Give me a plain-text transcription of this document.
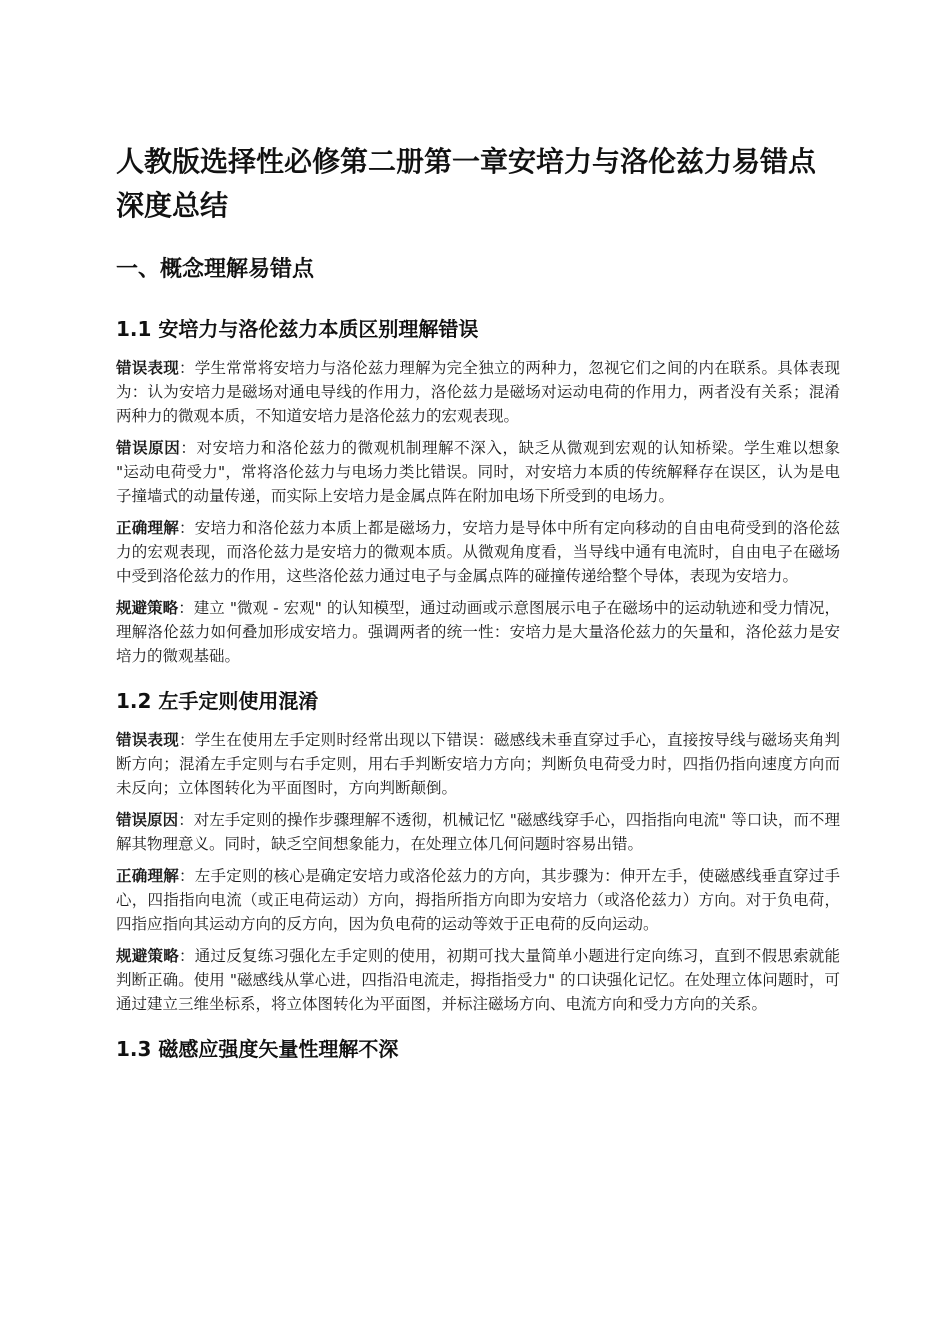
人教版选择性必修第二册第一章安培力与洛伦兹力易错点深度总结
一、概念理解易错点
1.1 安培力与洛伦兹力本质区别理解错误

错误表现：学生常常将安培力与洛伦兹力理解为完全独立的两种力，忽视它们之间的内在联系。具体表现为：认为安培力是磁场对通电导线的作用力，洛伦兹力是磁场对运动电荷的作用力，两者没有关系；混淆两种力的微观本质，不知道安培力是洛伦兹力的宏观表现。

错误原因：对安培力和洛伦兹力的微观机制理解不深入，缺乏从微观到宏观的认知桥梁。学生难以想象 "运动电荷受力"，常将洛伦兹力与电场力类比错误。同时，对安培力本质的传统解释存在误区，认为是电子撞墙式的动量传递，而实际上安培力是金属点阵在附加电场下所受到的电场力。

正确理解：安培力和洛伦兹力本质上都是磁场力，安培力是导体中所有定向移动的自由电荷受到的洛伦兹力的宏观表现，而洛伦兹力是安培力的微观本质。从微观角度看，当导线中通有电流时，自由电子在磁场中受到洛伦兹力的作用，这些洛伦兹力通过电子与金属点阵的碰撞传递给整个导体，表现为安培力。

规避策略：建立 "微观 - 宏观" 的认知模型，通过动画或示意图展示电子在磁场中的运动轨迹和受力情况，理解洛伦兹力如何叠加形成安培力。强调两者的统一性：安培力是大量洛伦兹力的矢量和，洛伦兹力是安培力的微观基础。

1.2 左手定则使用混淆

错误表现：学生在使用左手定则时经常出现以下错误：磁感线未垂直穿过手心，直接按导线与磁场夹角判断方向；混淆左手定则与右手定则，用右手判断安培力方向；判断负电荷受力时，四指仍指向速度方向而未反向；立体图转化为平面图时，方向判断颠倒。

错误原因：对左手定则的操作步骤理解不透彻，机械记忆 "磁感线穿手心，四指指向电流" 等口诀，而不理解其物理意义。同时，缺乏空间想象能力，在处理立体几何问题时容易出错。

正确理解：左手定则的核心是确定安培力或洛伦兹力的方向，其步骤为：伸开左手，使磁感线垂直穿过手心，四指指向电流（或正电荷运动）方向，拇指所指方向即为安培力（或洛伦兹力）方向。对于负电荷，四指应指向其运动方向的反方向，因为负电荷的运动等效于正电荷的反向运动。

规避策略：通过反复练习强化左手定则的使用，初期可找大量简单小题进行定向练习，直到不假思索就能判断正确。使用 "磁感线从掌心进，四指沿电流走，拇指指受力" 的口诀强化记忆。在处理立体问题时，可通过建立三维坐标系，将立体图转化为平面图，并标注磁场方向、电流方向和受力方向的关系。

1.3 磁感应强度矢量性理解不深
